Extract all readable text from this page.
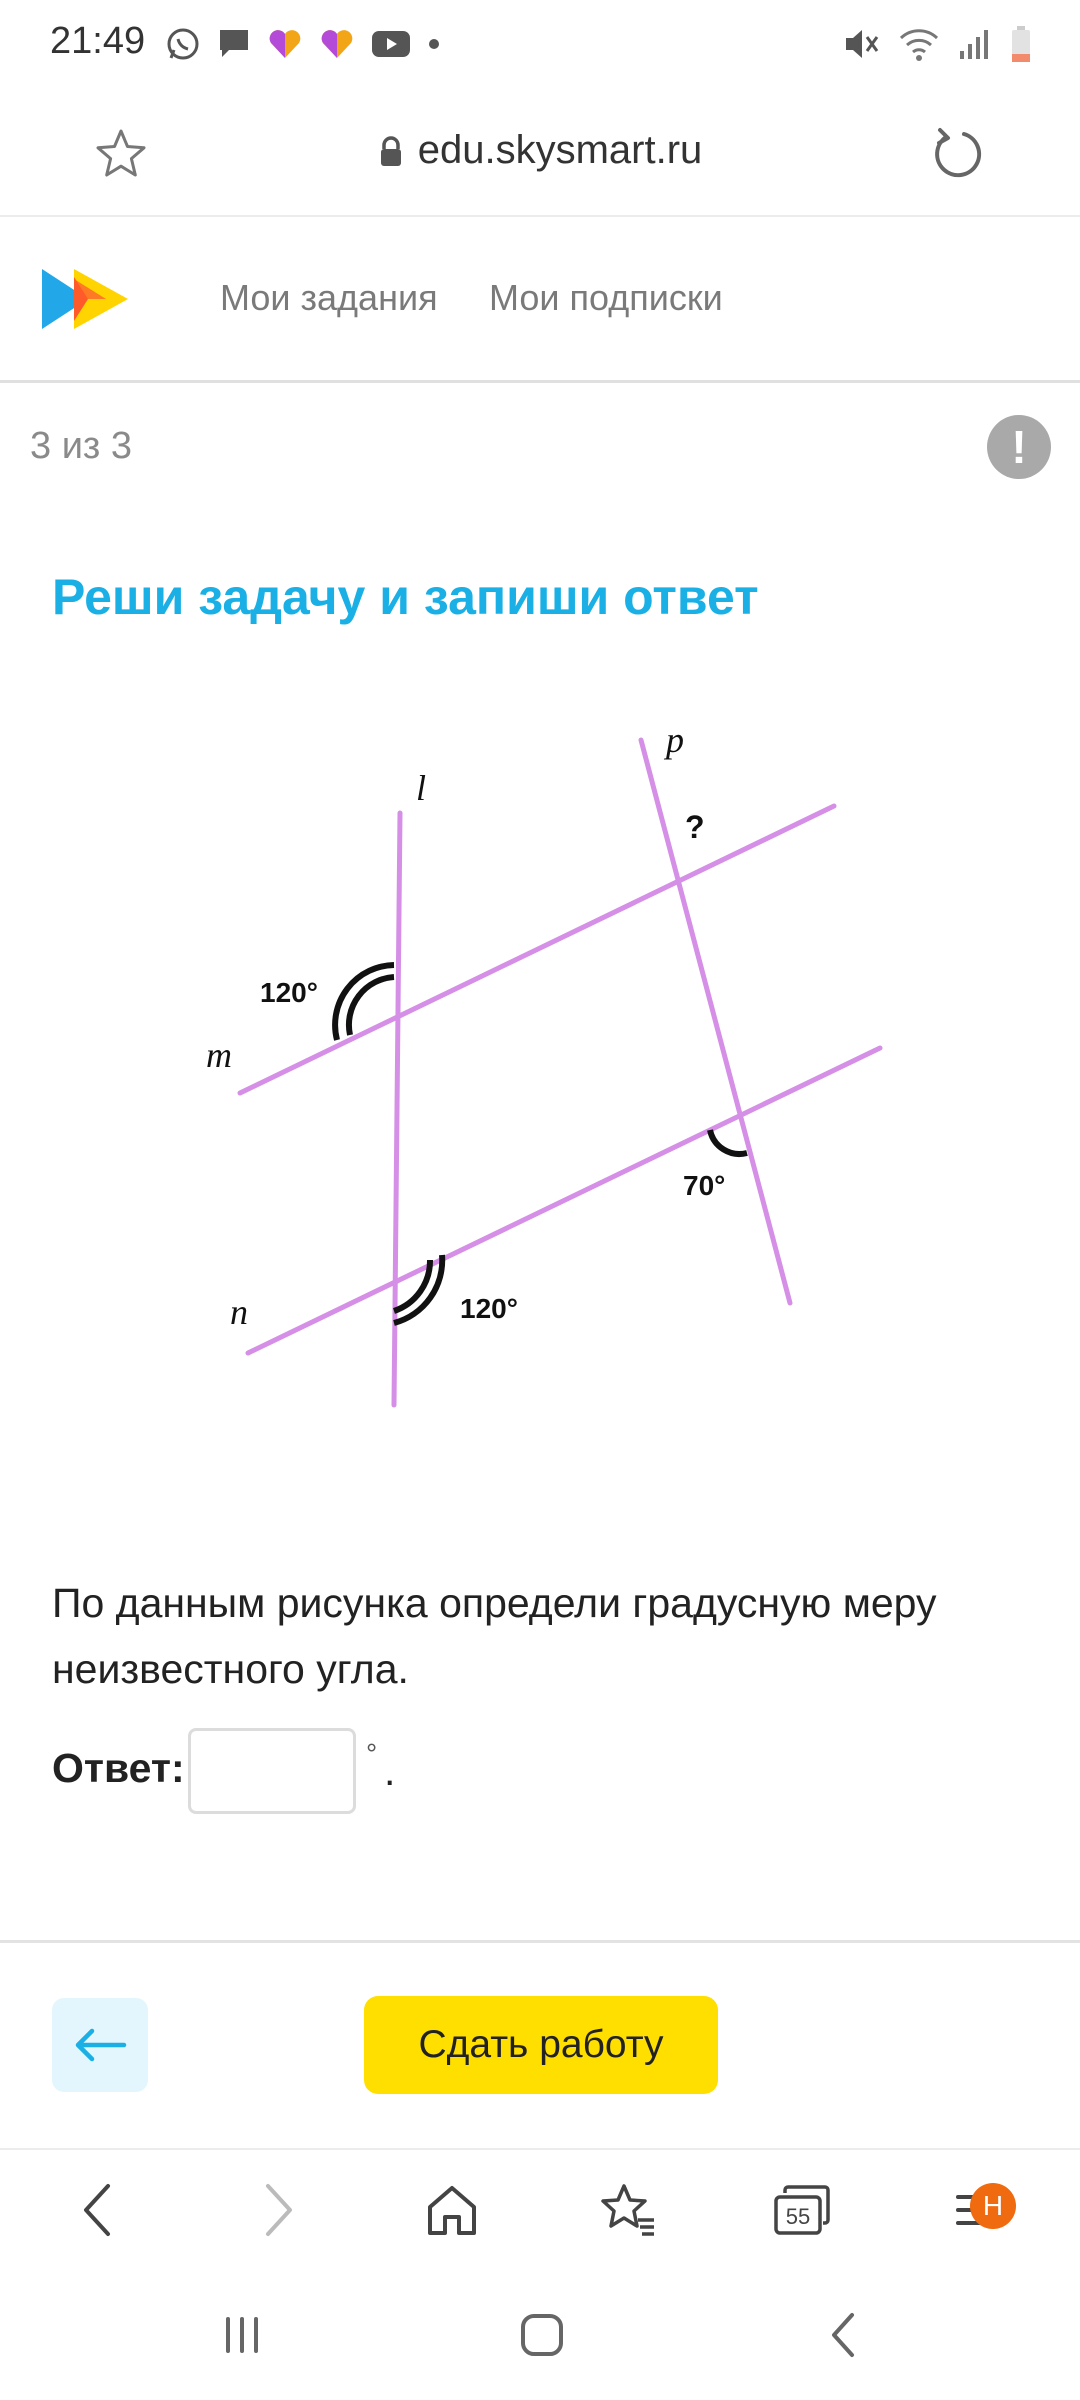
21:49
edu.skysmart.ru
Мои задания Мои подписки
3 из 3	!
Реши задачу и запиши ответ
l
p
m
n
?
120°
120°
70°
По данным рисунка определи градусную меру неизвестного угла.
Ответ:	° .
Сдать работу
55	H
